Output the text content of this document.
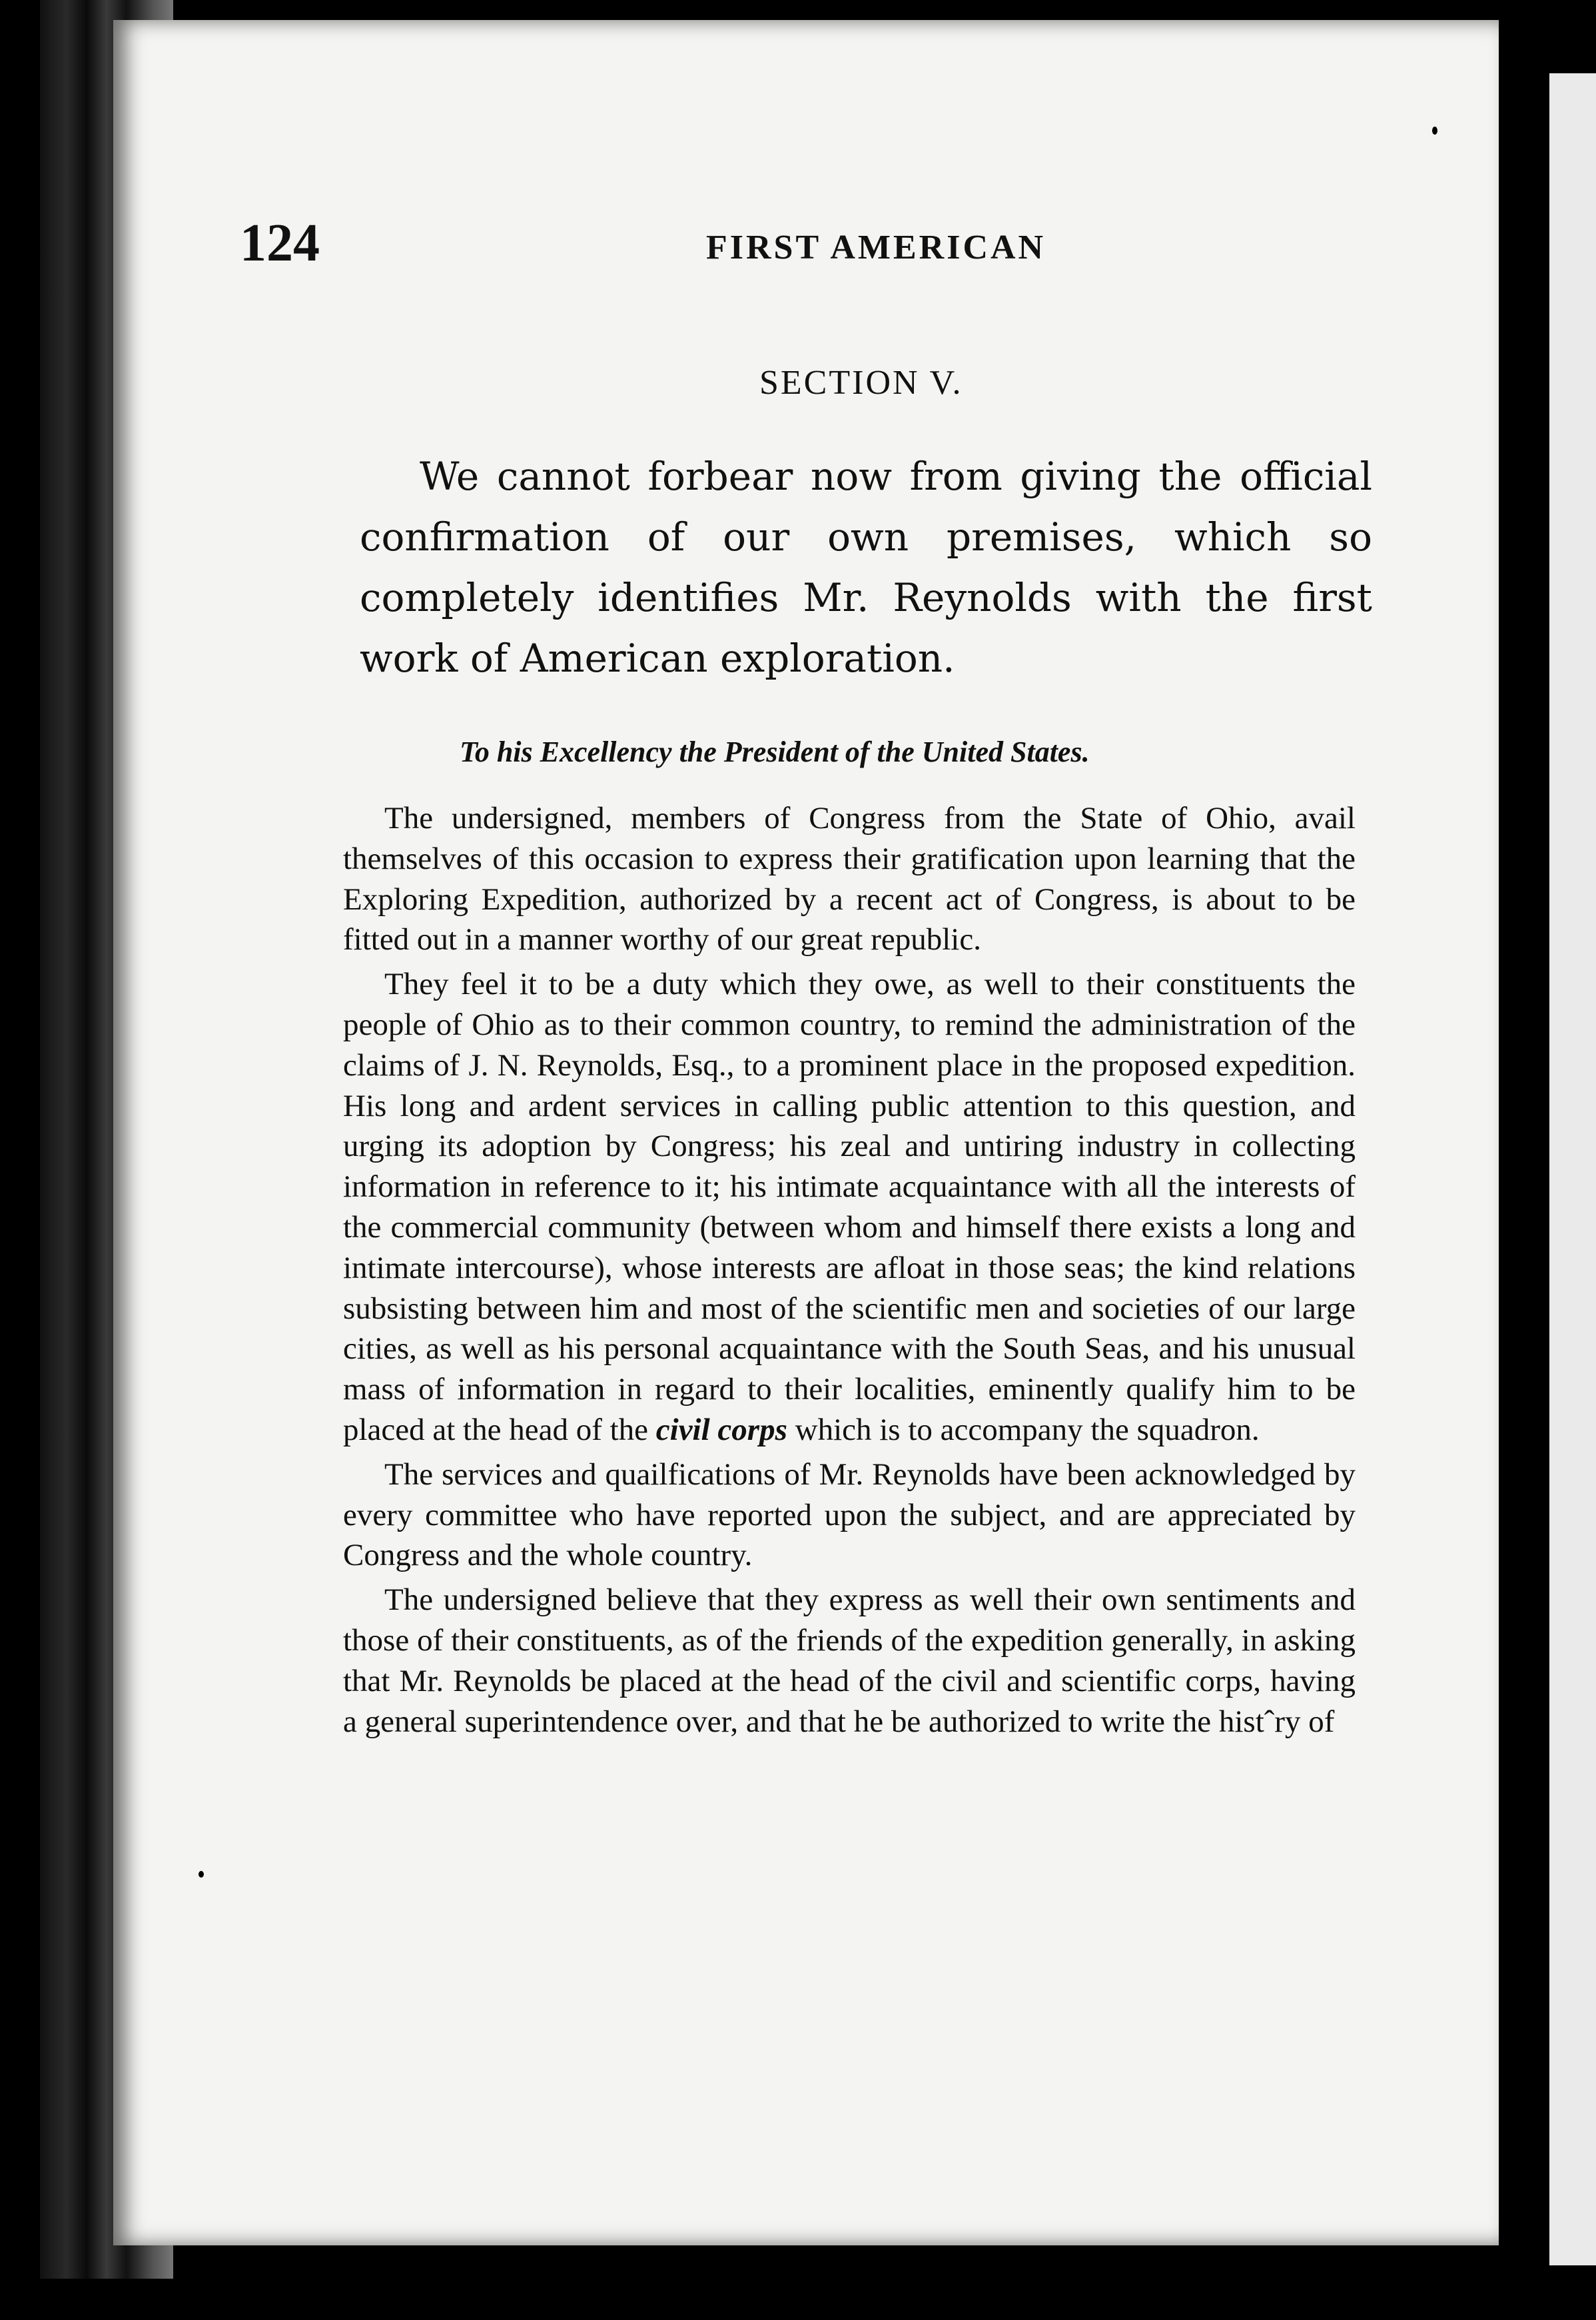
124	FIRST AMERICAN
SECTION V.
We cannot forbear now from giving the official confirmation of our own premises, which so completely identifies Mr. Reynolds with the first work of American exploration.
To his Excellency the President of the United States.

The undersigned, members of Congress from the State of Ohio, avail themselves of this occasion to express their gratification upon learning that the Exploring Expedition, authorized by a recent act of Congress, is about to be fitted out in a manner worthy of our great republic.

They feel it to be a duty which they owe, as well to their constituents the people of Ohio as to their common country, to remind the administration of the claims of J. N. Reynolds, Esq., to a prominent place in the proposed expedition. His long and ardent services in calling public attention to this question, and urging its adoption by Congress; his zeal and untiring industry in collecting information in reference to it; his intimate acquaintance with all the interests of the commercial community (between whom and himself there exists a long and intimate intercourse), whose interests are afloat in those seas; the kind relations subsisting between him and most of the scientific men and societies of our large cities, as well as his personal acquaintance with the South Seas, and his unusual mass of information in regard to their localities, eminently qualify him to be placed at the head of the civil corps which is to accompany the squadron.

The services and quailfications of Mr. Reynolds have been acknowledged by every committee who have reported upon the subject, and are appreciated by Congress and the whole country.

The undersigned believe that they express as well their own sentiments and those of their constituents, as of the friends of the expedition generally, in asking that Mr. Reynolds be placed at the head of the civil and scientific corps, having a general superintendence over, and that he be authorized to write the histˆry of
